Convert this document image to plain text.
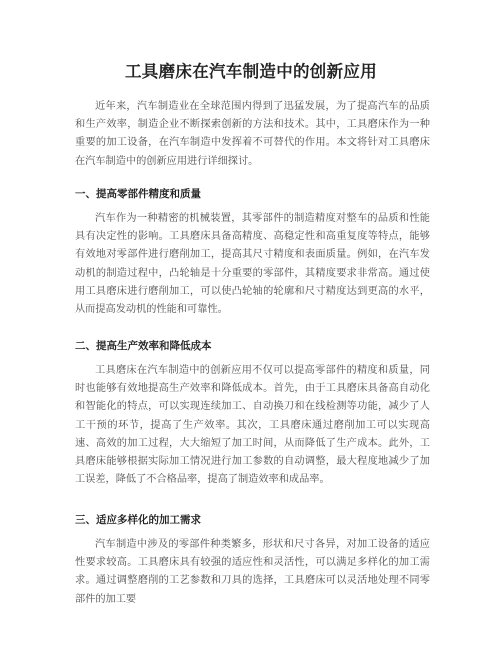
工具磨床在汽车制造中的创新应用

近年来，汽车制造业在全球范围内得到了迅猛发展，为了提高汽车的品质和生产效率，制造企业不断探索创新的方法和技术。其中，工具磨床作为一种重要的加工设备，在汽车制造中发挥着不可替代的作用。本文将针对工具磨床在汽车制造中的创新应用进行详细探讨。

一、提高零部件精度和质量

汽车作为一种精密的机械装置，其零部件的制造精度对整车的品质和性能具有决定性的影响。工具磨床具备高精度、高稳定性和高重复度等特点，能够有效地对零部件进行磨削加工，提高其尺寸精度和表面质量。例如，在汽车发动机的制造过程中，凸轮轴是十分重要的零部件，其精度要求非常高。通过使用工具磨床进行磨削加工，可以使凸轮轴的轮廓和尺寸精度达到更高的水平，从而提高发动机的性能和可靠性。

二、提高生产效率和降低成本

工具磨床在汽车制造中的创新应用不仅可以提高零部件的精度和质量，同时也能够有效地提高生产效率和降低成本。首先，由于工具磨床具备高自动化和智能化的特点，可以实现连续加工、自动换刀和在线检测等功能，减少了人工干预的环节，提高了生产效率。其次，工具磨床通过磨削加工可以实现高速、高效的加工过程，大大缩短了加工时间，从而降低了生产成本。此外，工具磨床能够根据实际加工情况进行加工参数的自动调整，最大程度地减少了加工误差，降低了不合格品率，提高了制造效率和成品率。

三、适应多样化的加工需求

汽车制造中涉及的零部件种类繁多，形状和尺寸各异，对加工设备的适应性要求较高。工具磨床具有较强的适应性和灵活性，可以满足多样化的加工需求。通过调整磨削的工艺参数和刀具的选择，工具磨床可以灵活地处理不同零部件的加工要
